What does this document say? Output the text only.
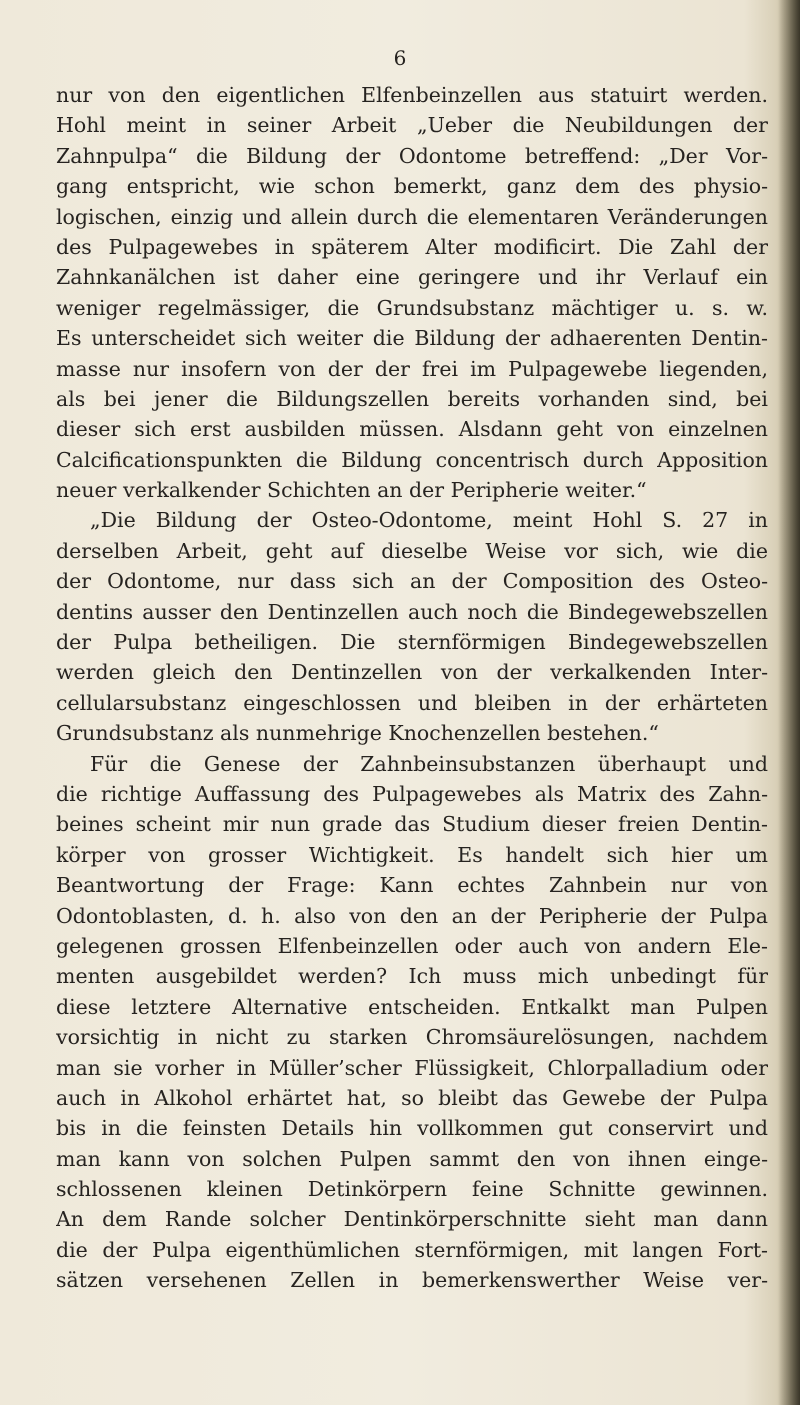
6

nur von den eigentlichen Elfenbeinzellen aus statuirt werden.
Hohl meint in seiner Arbeit „Ueber die Neubildungen der
Zahnpulpa“ die Bildung der Odontome betreffend: „Der Vor-
gang entspricht, wie schon bemerkt, ganz dem des physio-
logischen, einzig und allein durch die elementaren Veränderungen
des Pulpagewebes in späterem Alter modificirt. Die Zahl der
Zahnkanälchen ist daher eine geringere und ihr Verlauf ein
weniger regelmässiger, die Grundsubstanz mächtiger u. s. w.
Es unterscheidet sich weiter die Bildung der adhaerenten Dentin-
masse nur insofern von der der frei im Pulpagewebe liegenden,
als bei jener die Bildungszellen bereits vorhanden sind, bei
dieser sich erst ausbilden müssen. Alsdann geht von einzelnen
Calcificationspunkten die Bildung concentrisch durch Apposition
neuer verkalkender Schichten an der Peripherie weiter.“
„Die Bildung der Osteo-Odontome, meint Hohl S. 27 in
derselben Arbeit, geht auf dieselbe Weise vor sich, wie die
der Odontome, nur dass sich an der Composition des Osteo-
dentins ausser den Dentinzellen auch noch die Bindegewebszellen
der Pulpa betheiligen. Die sternförmigen Bindegewebszellen
werden gleich den Dentinzellen von der verkalkenden Inter-
cellularsubstanz eingeschlossen und bleiben in der erhärteten
Grundsubstanz als nunmehrige Knochenzellen bestehen.“
Für die Genese der Zahnbeinsubstanzen überhaupt und
die richtige Auffassung des Pulpagewebes als Matrix des Zahn-
beines scheint mir nun grade das Studium dieser freien Dentin-
körper von grosser Wichtigkeit. Es handelt sich hier um
Beantwortung der Frage: Kann echtes Zahnbein nur von
Odontoblasten, d. h. also von den an der Peripherie der Pulpa
gelegenen grossen Elfenbeinzellen oder auch von andern Ele-
menten ausgebildet werden? Ich muss mich unbedingt für
diese letztere Alternative entscheiden. Entkalkt man Pulpen
vorsichtig in nicht zu starken Chromsäurelösungen, nachdem
man sie vorher in Müller’scher Flüssigkeit, Chlorpalladium oder
auch in Alkohol erhärtet hat, so bleibt das Gewebe der Pulpa
bis in die feinsten Details hin vollkommen gut conservirt und
man kann von solchen Pulpen sammt den von ihnen einge-
schlossenen kleinen Detinkörpern feine Schnitte gewinnen.
An dem Rande solcher Dentinkörperschnitte sieht man dann
die der Pulpa eigenthümlichen sternförmigen, mit langen Fort-
sätzen versehenen Zellen in bemerkenswerther Weise ver-
